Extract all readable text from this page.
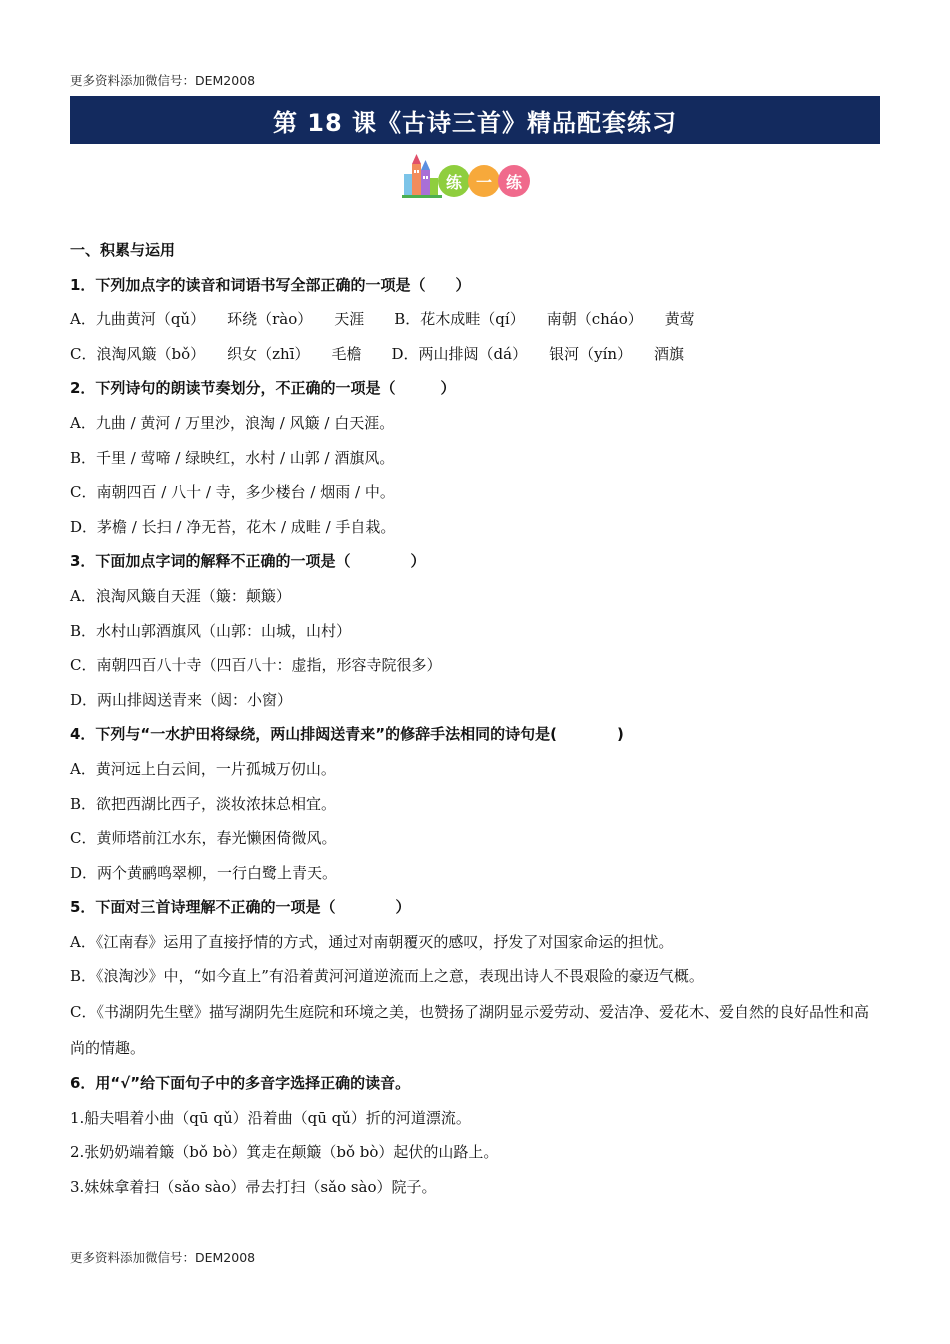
更多资料添加微信号：DEM2008
第 18 课《古诗三首》精品配套练习
练 一 练
一、积累与运用
1．下列加点字的读音和词语书写全部正确的一项是（　　）
A．九曲黄河（qǔ） 环绕（rào） 天涯 B．花木成畦（qí） 南朝（cháo） 黄莺
C．浪淘风簸（bǒ） 织女（zhī） 毛檐 D．两山排闼（dá） 银河（yín） 酒旗
2．下列诗句的朗读节奏划分，不正确的一项是（　　　）
A．九曲 / 黄河 / 万里沙，浪淘 / 风簸 / 白天涯。
B．千里 / 莺啼 / 绿映红，水村 / 山郭 / 酒旗风。
C．南朝四百 / 八十 / 寺，多少楼台 / 烟雨 / 中。
D．茅檐 / 长扫 / 净无苔，花木 / 成畦 / 手自栽。
3．下面加点字词的解释不正确的一项是（　　　　）
A．浪淘风簸自天涯（簸：颠簸）
B．水村山郭酒旗风（山郭：山城，山村）
C．南朝四百八十寺（四百八十：虚指，形容寺院很多）
D．两山排闼送青来（闼：小窗）
4．下列与“一水护田将绿绕，两山排闼送青来”的修辞手法相同的诗句是(　　　　)
A．黄河远上白云间，一片孤城万仞山。
B．欲把西湖比西子，淡妆浓抹总相宜。
C．黄师塔前江水东，春光懒困倚微风。
D．两个黄鹂鸣翠柳，一行白鹭上青天。
5．下面对三首诗理解不正确的一项是（　　　　）
A．《江南春》运用了直接抒情的方式，通过对南朝覆灭的感叹，抒发了对国家命运的担忧。
B．《浪淘沙》中，“如今直上”有沿着黄河河道逆流而上之意，表现出诗人不畏艰险的豪迈气概。
C．《书湖阴先生壁》描写湖阴先生庭院和环境之美，也赞扬了湖阴显示爱劳动、爱洁净、爱花木、爱自然的良好品性和高尚的情趣。
6．用“√”给下面句子中的多音字选择正确的读音。
1.船夫唱着小曲（qū qǔ）沿着曲（qū qǔ）折的河道漂流。
2.张奶奶端着簸（bǒ bò）箕走在颠簸（bǒ bò）起伏的山路上。
3.妹妹拿着扫（sǎo sào）帚去打扫（sǎo sào）院子。
更多资料添加微信号：DEM2008
